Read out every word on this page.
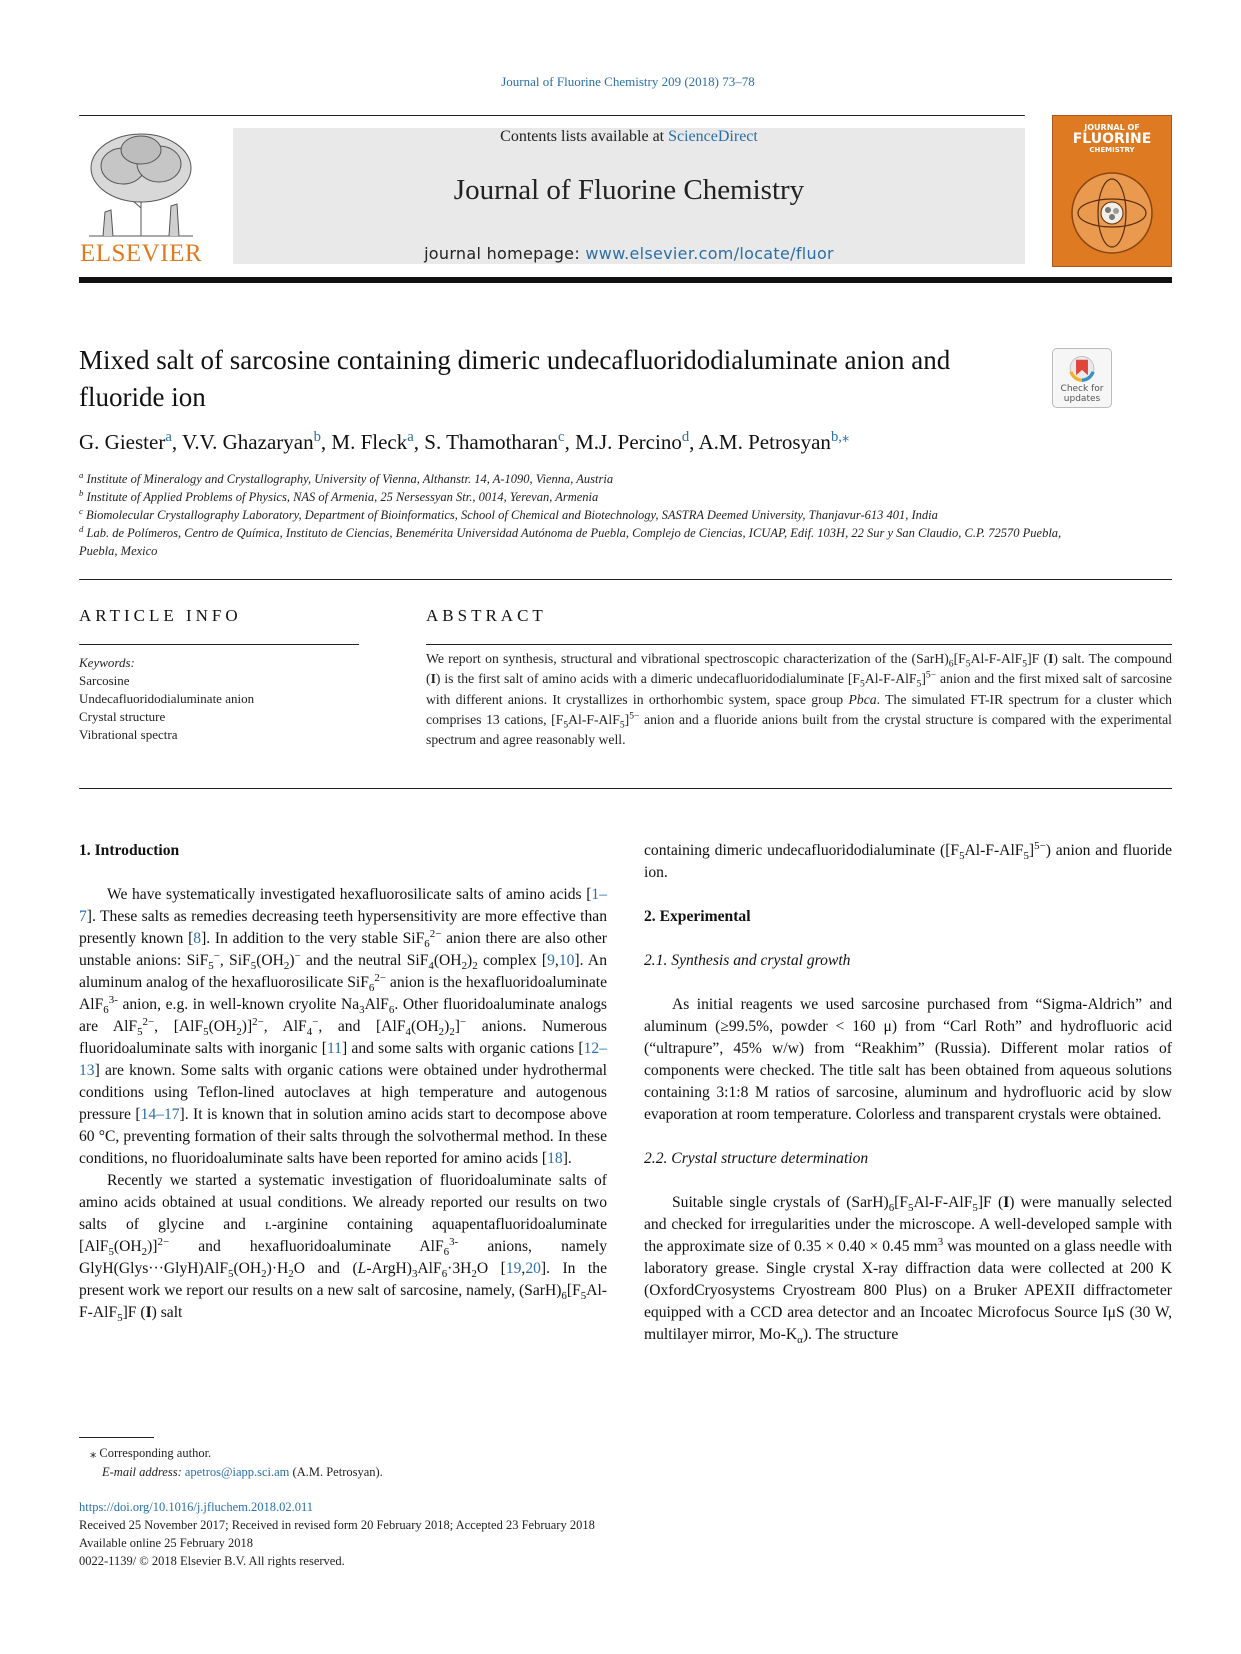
Journal of Fluorine Chemistry 209 (2018) 73–78
ELSEVIER
Contents lists available at ScienceDirect
Journal of Fluorine Chemistry
journal homepage: www.elsevier.com/locate/fluor
JOURNAL OF
FLUORINE
CHEMISTRY
Mixed salt of sarcosine containing dimeric undecafluoridodialuminate anion and fluoride ion	Check for updates
G. Giester$^a$, V.V. Ghazaryan$^b$, M. Fleck$^a$, S. Thamotharan$^c$, M.J. Percino$^d$, A.M. Petrosyan$^{b,⁎}$
$^a$ Institute of Mineralogy and Crystallography, University of Vienna, Althanstr. 14, A-1090, Vienna, Austria
$^b$ Institute of Applied Problems of Physics, NAS of Armenia, 25 Nersessyan Str., 0014, Yerevan, Armenia
$^c$ Biomolecular Crystallography Laboratory, Department of Bioinformatics, School of Chemical and Biotechnology, SASTRA Deemed University, Thanjavur-613 401, India
$^d$ Lab. de Polímeros, Centro de Química, Instituto de Ciencias, Benemérita Universidad Autónoma de Puebla, Complejo de Ciencias, ICUAP, Edif. 103H, 22 Sur y San Claudio, C.P. 72570 Puebla, Puebla, Mexico
ARTICLE INFO
Keywords:
Sarcosine
Undecafluoridodialuminate anion
Crystal structure
Vibrational spectra
ABSTRACT
We report on synthesis, structural and vibrational spectroscopic characterization of the $(SarH)_6[F_5Al-F-AlF_5]F$ (I) salt. The compound (I) is the first salt of amino acids with a dimeric undecafluoridodialuminate $[F_5Al-F-AlF_5]^{5-}$ anion and the first mixed salt of sarcosine with different anions. It crystallizes in orthorhombic system, space group Pbca. The simulated FT-IR spectrum for a cluster which comprises 13 cations, $[F_5Al-F-AlF_5]^{5-}$ anion and a fluoride anions built from the crystal structure is compared with the experimental spectrum and agree reasonably well.
1. Introduction

We have systematically investigated hexafluorosilicate salts of amino acids [1–7]. These salts as remedies decreasing teeth hypersensitivity are more effective than presently known [8]. In addition to the very stable SiF$_6^{2-}$ anion there are also other unstable anions: SiF$_5$−, $SiF_5(OH_2)^-$ and the neutral $SiF_4(OH_2)_2$ complex [9,10]. An aluminum analog of the hexafluorosilicate SiF$_6^{2-}$ anion is the hexafluoridoaluminate AlF$_6^{3-}$ anion, e.g. in well-known cryolite $Na_3AlF_6$. Other fluoridoaluminate analogs are AlF$_5^{2-}$, $[AlF_5(OH_2)]^{2-}$, AlF$_4$−, and $[AlF_4(OH_2)_2]^-$ anions. Numerous fluoridoaluminate salts with inorganic [11] and some salts with organic cations [12–13] are known. Some salts with organic cations were obtained under hydrothermal conditions using Teflon-lined autoclaves at high temperature and autogenous pressure [14–17]. It is known that in solution amino acids start to decompose above 60 °C, preventing formation of their salts through the solvothermal method. In these conditions, no fluoridoaluminate salts have been reported for amino acids [18].

Recently we started a systematic investigation of fluoridoaluminate salts of amino acids obtained at usual conditions. We already reported our results on two salts of glycine and l-arginine containing aquapentafluoridoaluminate $[AlF_5(OH_2)]^{2-}$ and hexafluoridoaluminate AlF$_6^{3-}$ anions, namely $GlyH(Glys\cdot\cdot\cdot GlyH)AlF_5(OH_2)\cdot H_2O$ and $(L-ArgH)_3AlF_6\cdot 3H_2O$ [19,20]. In the present work we report our results on a new salt of sarcosine, namely, $(SarH)_6[F_5Al-F-AlF_5]F$ (I) salt

containing dimeric undecafluoridodialuminate $([F_5Al-F-AlF_5]^{5-})$ anion and fluoride ion.

2. Experimental
2.1. Synthesis and crystal growth

As initial reagents we used sarcosine purchased from “Sigma-Aldrich” and aluminum (≥99.5%, powder < 160 μ) from “Carl Roth” and hydrofluoric acid (“ultrapure”, 45% w/w) from “Reakhim” (Russia). Different molar ratios of components were checked. The title salt has been obtained from aqueous solutions containing 3:1:8 M ratios of sarcosine, aluminum and hydrofluoric acid by slow evaporation at room temperature. Colorless and transparent crystals were obtained.

2.2. Crystal structure determination

Suitable single crystals of $(SarH)_6[F_5Al-F-AlF_5]F$ (I) were manually selected and checked for irregularities under the microscope. A well-developed sample with the approximate size of 0.35 × 0.40 × 0.45 $mm^3$ was mounted on a glass needle with laboratory grease. Single crystal X-ray diffraction data were collected at 200 K (OxfordCryosystems Cryostream 800 Plus) on a Bruker APEXII diffractometer equipped with a CCD area detector and an Incoatec Microfocus Source IμS (30 W, multilayer mirror, $Mo-K_\alpha$). The structure

⁎ Corresponding author.
E-mail address: apetros@iapp.sci.am (A.M. Petrosyan).
https://doi.org/10.1016/j.jfluchem.2018.02.011
Received 25 November 2017; Received in revised form 20 February 2018; Accepted 23 February 2018
Available online 25 February 2018
0022-1139/ © 2018 Elsevier B.V. All rights reserved.
